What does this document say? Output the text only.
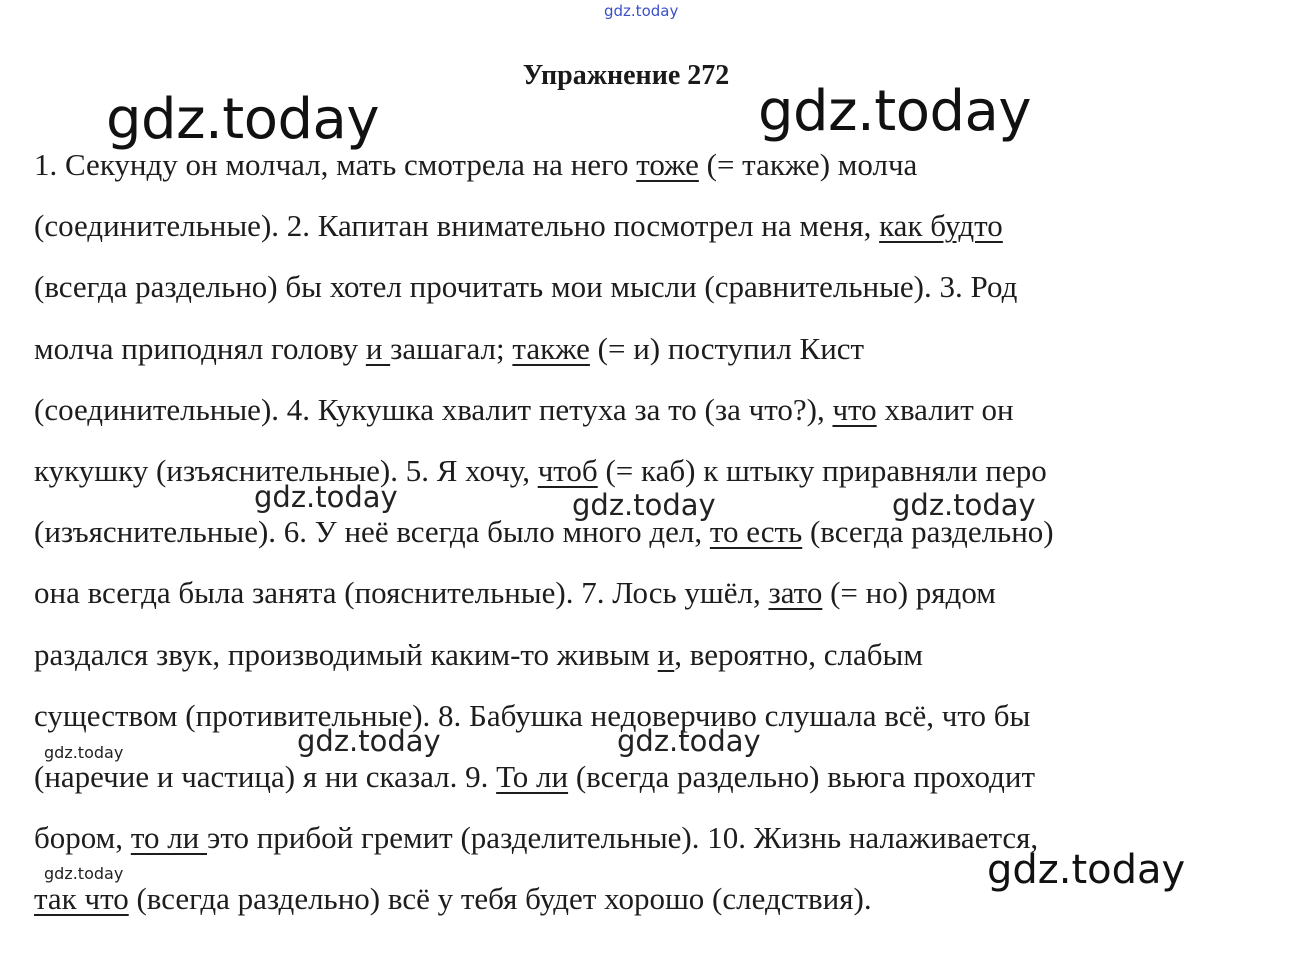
gdz.today
Упражнение 272
1. Секунду он молчал, мать смотрела на него тоже (= также) молча
(соединительные). 2. Капитан внимательно посмотрел на меня, как будто
(всегда раздельно) бы хотел прочитать мои мысли (сравнительные). 3. Род
молча приподнял голову и зашагал; также (= и) поступил Кист
(соединительные). 4. Кукушка хвалит петуха за то (за что?), что хвалит он
кукушку (изъяснительные). 5. Я хочу, чтоб (= каб) к штыку приравняли перо
(изъяснительные). 6. У неё всегда было много дел, то есть (всегда раздельно)
она всегда была занята (пояснительные). 7. Лось ушёл, зато (= но) рядом
раздался звук, производимый каким-то живым и, вероятно, слабым
существом (противительные). 8. Бабушка недоверчиво слушала всё, что бы
(наречие и частица) я ни сказал. 9. То ли (всегда раздельно) вьюга проходит
бором, то ли это прибой гремит (разделительные). 10. Жизнь налаживается,
так что (всегда раздельно) всё у тебя будет хорошо (следствия).
gdz.today	gdz.today
gdz.today	gdz.today	gdz.today
gdz.today	gdz.today
gdz.today
gdz.today	gdz.today
